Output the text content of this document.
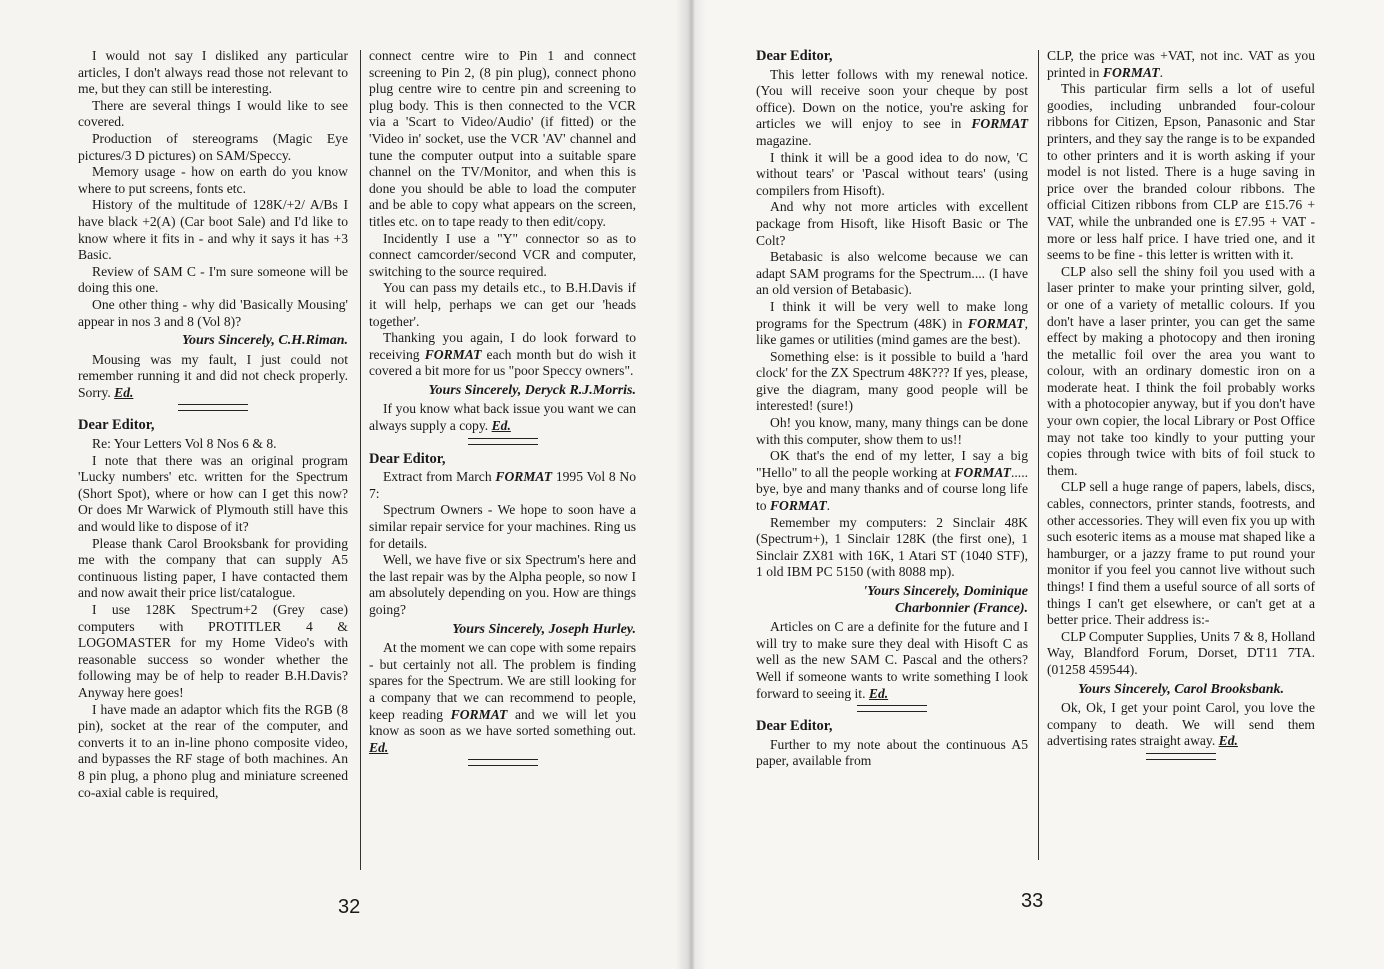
I would not say I disliked any particular articles, I don't always read those not relevant to me, but they can still be interesting.

There are several things I would like to see covered.

Production of stereograms (Magic Eye pictures/3 D pictures) on SAM/Speccy.

Memory usage - how on earth do you know where to put screens, fonts etc.

History of the multitude of 128K/+2/ A/Bs I have black +2(A) (Car boot Sale) and I'd like to know where it fits in - and why it says it has +3 Basic.

Review of SAM C - I'm sure someone will be doing this one.

One other thing - why did 'Basically Mousing' appear in nos 3 and 8 (Vol 8)?

Yours Sincerely, C.H.Riman.

Mousing was my fault, I just could not remember running it and did not check properly. Sorry. Ed.

Dear Editor,

Re: Your Letters Vol 8 Nos 6 & 8.

I note that there was an original program 'Lucky numbers' etc. written for the Spectrum (Short Spot), where or how can I get this now? Or does Mr Warwick of Plymouth still have this and would like to dispose of it?

Please thank Carol Brooksbank for providing me with the company that can supply A5 continuous listing paper, I have contacted them and now await their price list/catalogue.

I use 128K Spectrum+2 (Grey case) computers with PROTITLER 4 & LOGOMASTER for my Home Video's with reasonable success so wonder whether the following may be of help to reader B.H.Davis? Anyway here goes!

I have made an adaptor which fits the RGB (8 pin), socket at the rear of the computer, and converts it to an in-line phono composite video, and bypasses the RF stage of both machines. An 8 pin plug, a phono plug and miniature screened co-axial cable is required,

connect centre wire to Pin 1 and connect screening to Pin 2, (8 pin plug), connect phono plug centre wire to centre pin and screening to plug body. This is then connected to the VCR via a 'Scart to Video/Audio' (if fitted) or the 'Video in' socket, use the VCR 'AV' channel and tune the computer output into a suitable spare channel on the TV/Monitor, and when this is done you should be able to load the computer and be able to copy what appears on the screen, titles etc. on to tape ready to then edit/copy.

Incidently I use a "Y" connector so as to connect camcorder/second VCR and computer, switching to the source required.

You can pass my details etc., to B.H.Davis if it will help, perhaps we can get our 'heads together'.

Thanking you again, I do look forward to receiving FORMAT each month but do wish it covered a bit more for us "poor Speccy owners".

Yours Sincerely, Deryck R.J.Morris.

If you know what back issue you want we can always supply a copy. Ed.

Dear Editor,

Extract from March FORMAT 1995 Vol 8 No 7:

Spectrum Owners - We hope to soon have a similar repair service for your machines. Ring us for details.

Well, we have five or six Spectrum's here and the last repair was by the Alpha people, so now I am absolutely depending on you. How are things going?

Yours Sincerely, Joseph Hurley.

At the moment we can cope with some repairs - but certainly not all. The problem is finding spares for the Spectrum. We are still looking for a company that we can recommend to people, keep reading FORMAT and we will let you know as soon as we have sorted something out. Ed.

32
Dear Editor,

This letter follows with my renewal notice. (You will receive soon your cheque by post office). Down on the notice, you're asking for articles we will enjoy to see in FORMAT magazine.

I think it will be a good idea to do now, 'C without tears' or 'Pascal without tears' (using compilers from Hisoft).

And why not more articles with excellent package from Hisoft, like Hisoft Basic or The Colt?

Betabasic is also welcome because we can adapt SAM programs for the Spectrum.... (I have an old version of Betabasic).

I think it will be very well to make long programs for the Spectrum (48K) in FORMAT, like games or utilities (mind games are the best).

Something else: is it possible to build a 'hard clock' for the ZX Spectrum 48K??? If yes, please, give the diagram, many good people will be interested! (sure!)

Oh! you know, many, many things can be done with this computer, show them to us!!

OK that's the end of my letter, I say a big "Hello" to all the people working at FORMAT..... bye, bye and many thanks and of course long life to FORMAT.

Remember my computers: 2 Sinclair 48K (Spectrum+), 1 Sinclair 128K (the first one), 1 Sinclair ZX81 with 16K, 1 Atari ST (1040 STF), 1 old IBM PC 5150 (with 8088 mp).

'Yours Sincerely, Dominique

Charbonnier (France).

Articles on C are a definite for the future and I will try to make sure they deal with Hisoft C as well as the new SAM C. Pascal and the others? Well if someone wants to write something I look forward to seeing it. Ed.

Dear Editor,

Further to my note about the continuous A5 paper, available from

CLP, the price was +VAT, not inc. VAT as you printed in FORMAT.

This particular firm sells a lot of useful goodies, including unbranded four-colour ribbons for Citizen, Epson, Panasonic and Star printers, and they say the range is to be expanded to other printers and it is worth asking if your model is not listed. There is a huge saving in price over the branded colour ribbons. The official Citizen ribbons from CLP are £15.76 + VAT, while the unbranded one is £7.95 + VAT - more or less half price. I have tried one, and it seems to be fine - this letter is written with it.

CLP also sell the shiny foil you used with a laser printer to make your printing silver, gold, or one of a variety of metallic colours. If you don't have a laser printer, you can get the same effect by making a photocopy and then ironing the metallic foil over the area you want to colour, with an ordinary domestic iron on a moderate heat. I think the foil probably works with a photocopier anyway, but if you don't have your own copier, the local Library or Post Office may not take too kindly to your putting your copies through twice with bits of foil stuck to them.

CLP sell a huge range of papers, labels, discs, cables, connectors, printer stands, footrests, and other accessories. They will even fix you up with such esoteric items as a mouse mat shaped like a hamburger, or a jazzy frame to put round your monitor if you feel you cannot live without such things! I find them a useful source of all sorts of things I can't get elsewhere, or can't get at a better price. Their address is:-

CLP Computer Supplies, Units 7 & 8, Holland Way, Blandford Forum, Dorset, DT11 7TA. (01258 459544).

Yours Sincerely, Carol Brooksbank.

Ok, Ok, I get your point Carol, you love the company to death. We will send them advertising rates straight away. Ed.

33
